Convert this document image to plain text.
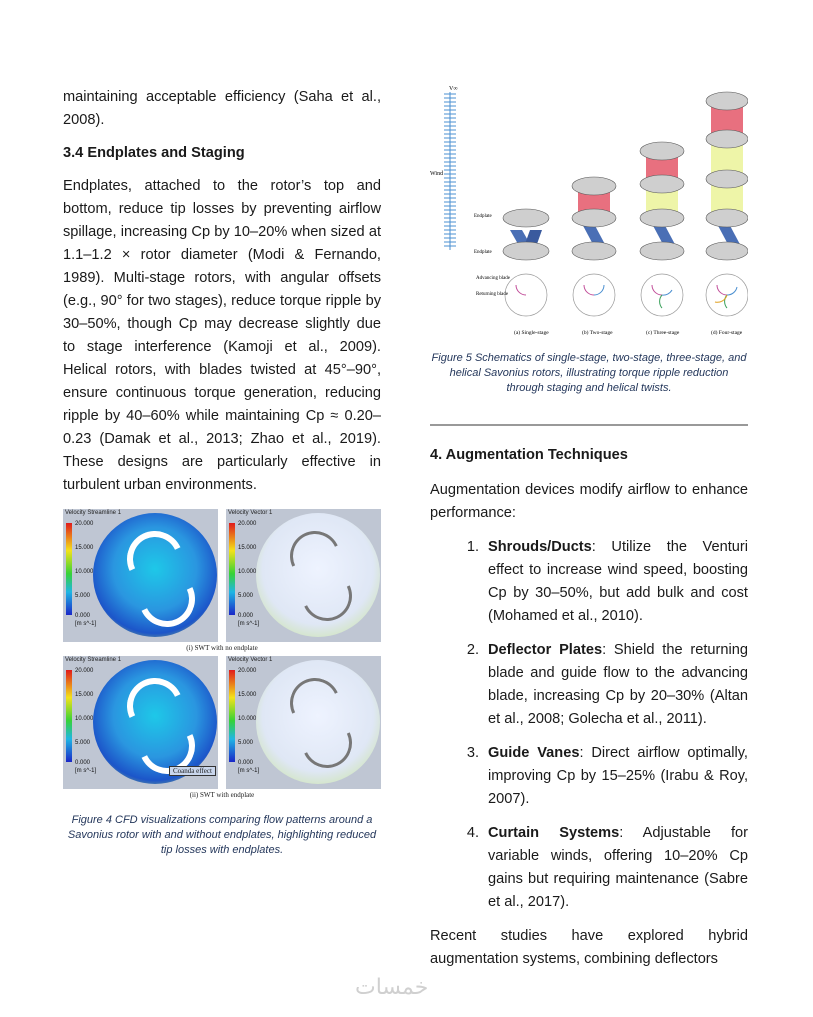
maintaining acceptable efficiency (Saha et al., 2008).

3.4 Endplates and Staging

Endplates, attached to the rotor’s top and bottom, reduce tip losses by preventing airflow spillage, increasing Cp by 10–20% when sized at 1.1–1.2 × rotor diameter (Modi & Fernando, 1989). Multi-stage rotors, with angular offsets (e.g., 90° for two stages), reduce torque ripple by 30–50%, though Cp may decrease slightly due to stage interference (Kamoji et al., 2009). Helical rotors, with blades twisted at 45°–90°, ensure continuous torque generation, reducing ripple by 40–60% while maintaining Cp ≈ 0.20–0.23 (Damak et al., 2013; Zhao et al., 2019). These designs are particularly effective in turbulent urban environments.

Velocity Streamline 1
20.000
15.000
10.000
5.000
0.000
[m s^-1]
Velocity Vector 1
20.000
15.000
10.000
5.000
0.000
[m s^-1]
(i) SWT with no endplate
Velocity Streamline 1
20.000
15.000
10.000
5.000
0.000
[m s^-1]	Coanda effect
Velocity Vector 1
20.000
15.000
10.000
5.000
0.000
[m s^-1]
(ii) SWT with endplate

Figure 4 CFD visualizations comparing flow patterns around a Savonius rotor with and without endplates, highlighting reduced tip losses with endplates.

V∞
Wind
Endplate
Endplate
Advancing blade
Returning blade
(a) Single-stage	(b) Two-stage	(c) Three-stage	(d) Four-stage

Figure 5 Schematics of single-stage, two-stage, three-stage, and helical Savonius rotors, illustrating torque ripple reduction through staging and helical twists.

4. Augmentation Techniques

Augmentation devices modify airflow to enhance performance:

1. Shrouds/Ducts: Utilize the Venturi effect to increase wind speed, boosting Cp by 30–50%, but add bulk and cost (Mohamed et al., 2010).
2. Deflector Plates: Shield the returning blade and guide flow to the advancing blade, increasing Cp by 20–30% (Altan et al., 2008; Golecha et al., 2011).
3. Guide Vanes: Direct airflow optimally, improving Cp by 15–25% (Irabu & Roy, 2007).
4. Curtain Systems: Adjustable for variable winds, offering 10–20% Cp gains but requiring maintenance (Sabre et al., 2017).

Recent studies have explored hybrid augmentation systems, combining deflectors

خمسات
